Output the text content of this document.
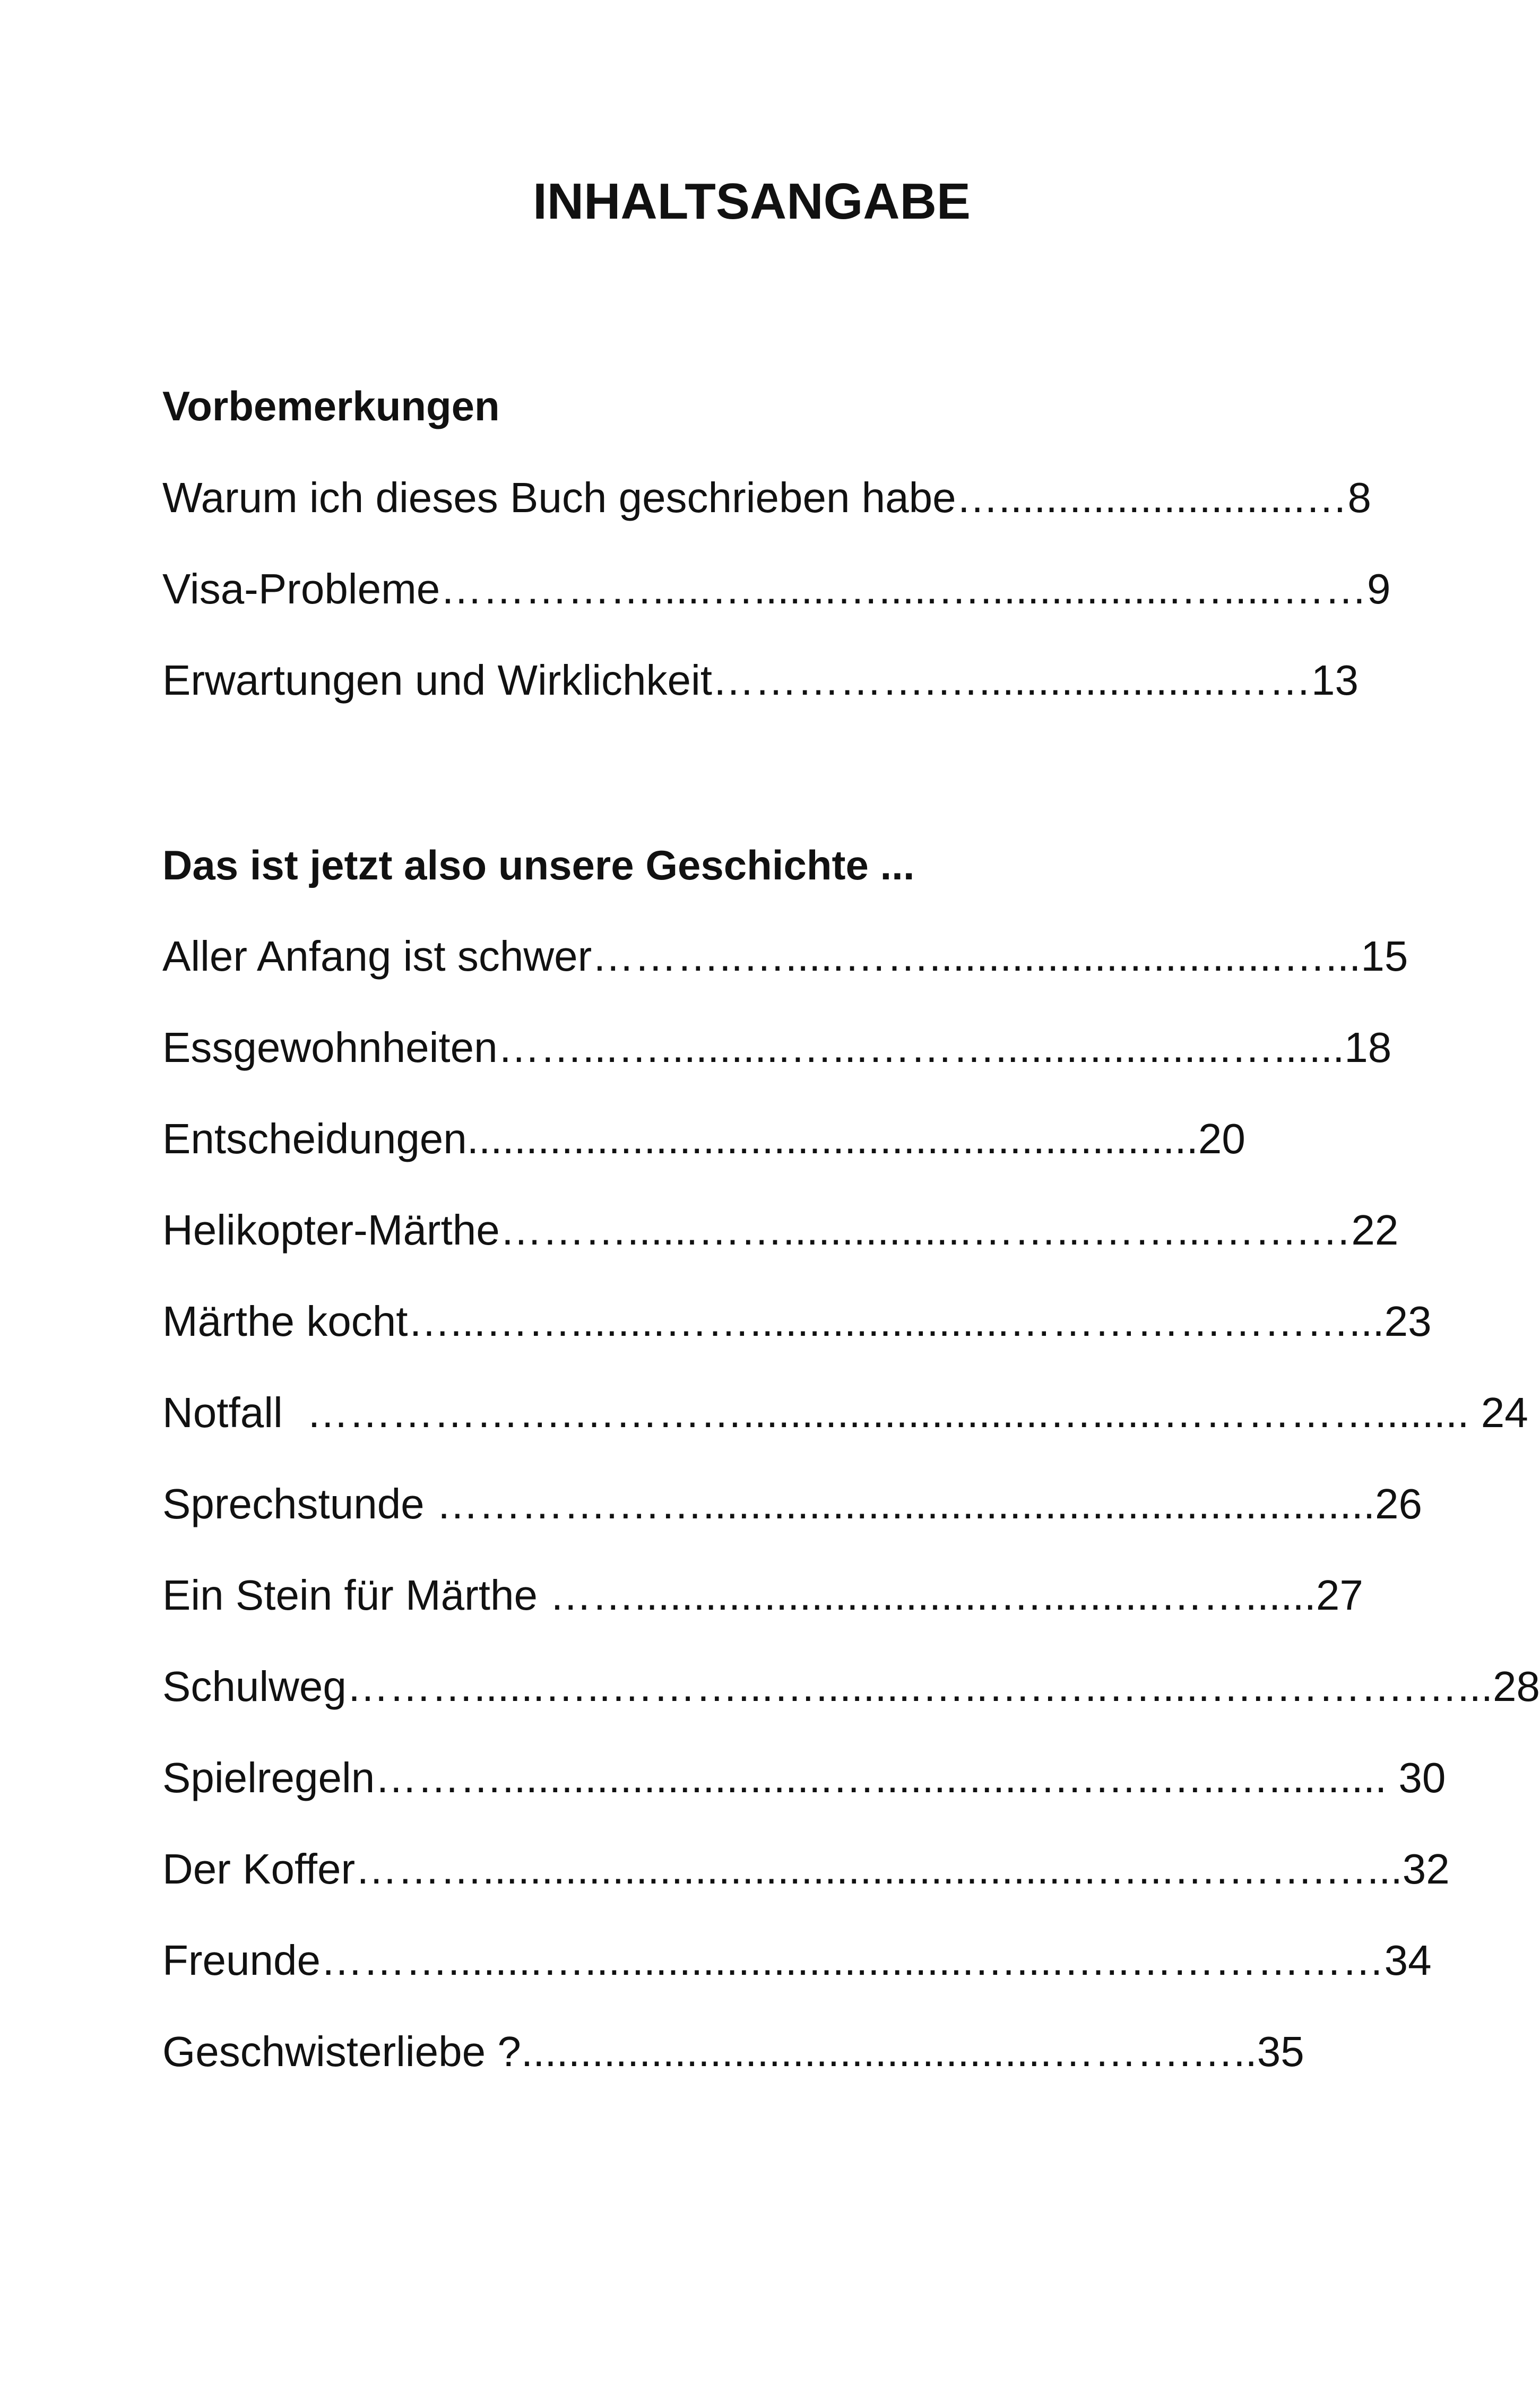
INHALTSANGABE
Vorbemerkungen
Warum ich dieses Buch geschrieben habe…..........................…8
Visa-Probleme…………….....….......….....….................….....……9
Erwartungen und Wirklichkeit…………….….....................……13
Das ist jetzt also unsere Geschichte ...
Aller Anfang ist schwer………..….....……..............................…...15
Essgewohnheiten……...…...........…...………....................…......18
Entscheidungen..............................................................20
Helikopter-Märthe………......……................……...……...…….…22
Märthe kocht…...……........……......................……………………...23
Notfall  ……………….…………..........................…......……………........ 24
Sprechstunde ………….…….........................................................26
Ein Stein für Märthe ……...............................…..........……......27
Schulweg………......…..………...….........…..….…..….....…..……….…...28
Spielregeln………............................…..............….…..…..….......... 30
Der Koffer………....................................................…...….…….…...32
Freunde………........….................................…....…..………………34
Geschwisterliebe ?.............................................……….…..35
